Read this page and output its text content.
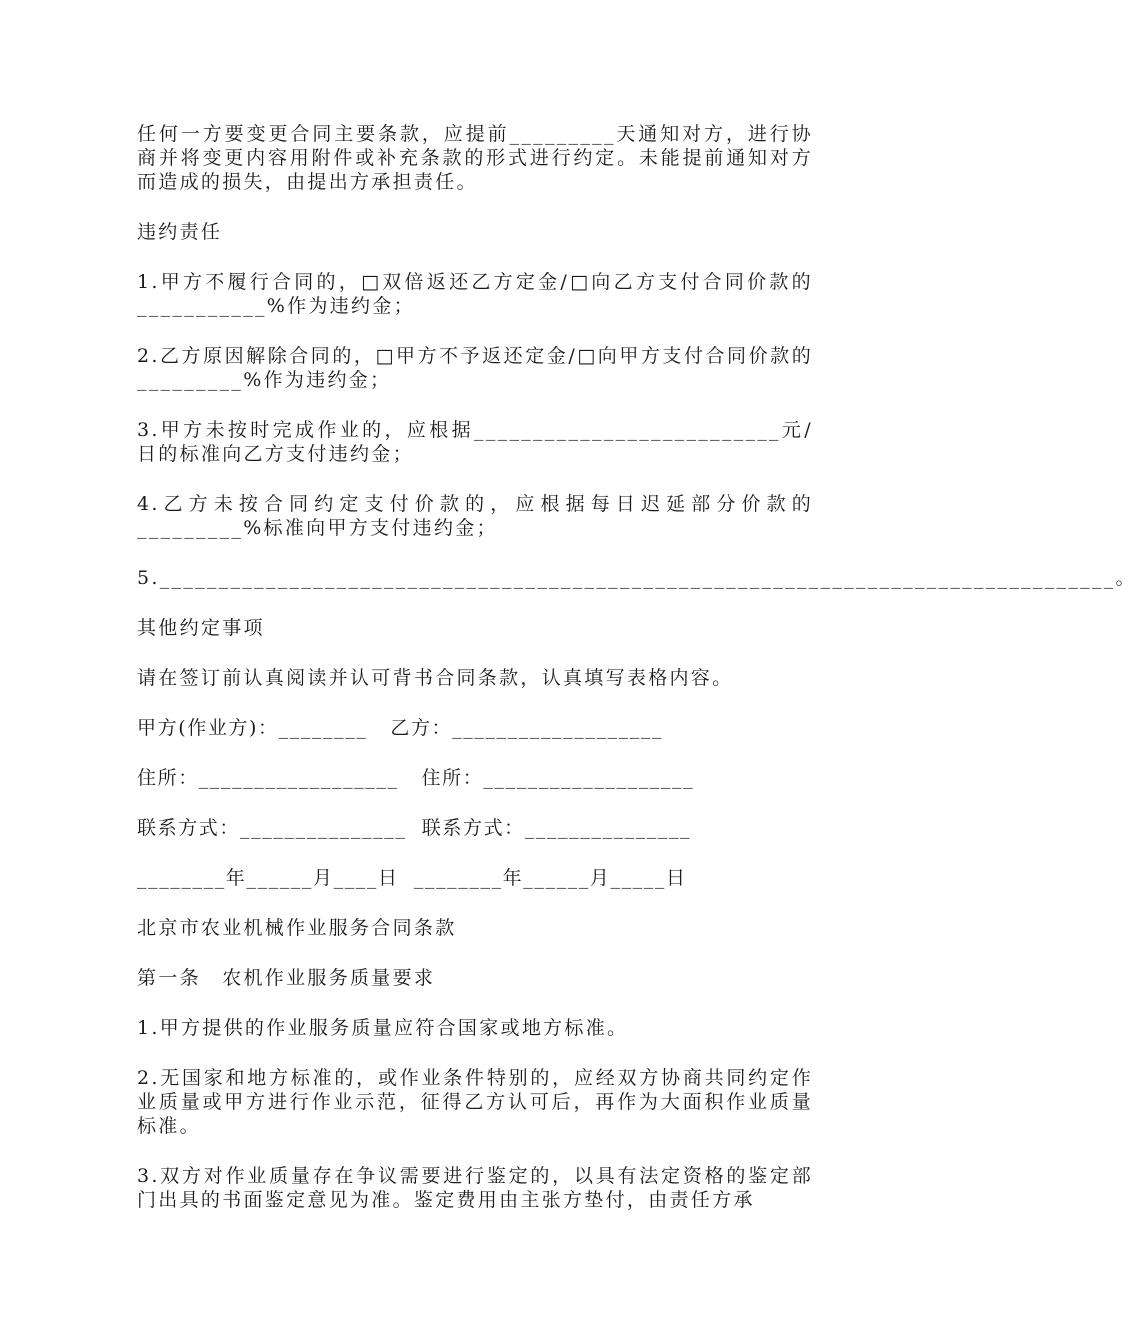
任何一方要变更合同主要条款，应提前_________天通知对方，进行协商并将变更内容用附件或补充条款的形式进行约定。未能提前通知对方而造成的损失，由提出方承担责任。

违约责任

1.甲方不履行合同的，□双倍返还乙方定金/□向乙方支付合同价款的___________%作为违约金；

2.乙方原因解除合同的，□甲方不予返还定金/□向甲方支付合同价款的_________%作为违约金；

3.甲方未按时完成作业的，应根据__________________________元/日的标准向乙方支付违约金；

4.乙方未按合同约定支付价款的，应根据每日迟延部分价款的_________%标准向甲方支付违约金；

5._________________________________________________________________________________。

其他约定事项

请在签订前认真阅读并认可背书合同条款，认真填写表格内容。

甲方(作业方)：________   乙方：___________________

住所：__________________   住所：___________________

联系方式：_______________  联系方式：_______________

________年______月____日  ________年______月_____日

北京市农业机械作业服务合同条款

第一条　农机作业服务质量要求

1.甲方提供的作业服务质量应符合国家或地方标准。

2.无国家和地方标准的，或作业条件特别的，应经双方协商共同约定作业质量或甲方进行作业示范，征得乙方认可后，再作为大面积作业质量标准。

3.双方对作业质量存在争议需要进行鉴定的，以具有法定资格的鉴定部门出具的书面鉴定意见为准。鉴定费用由主张方垫付，由责任方承
